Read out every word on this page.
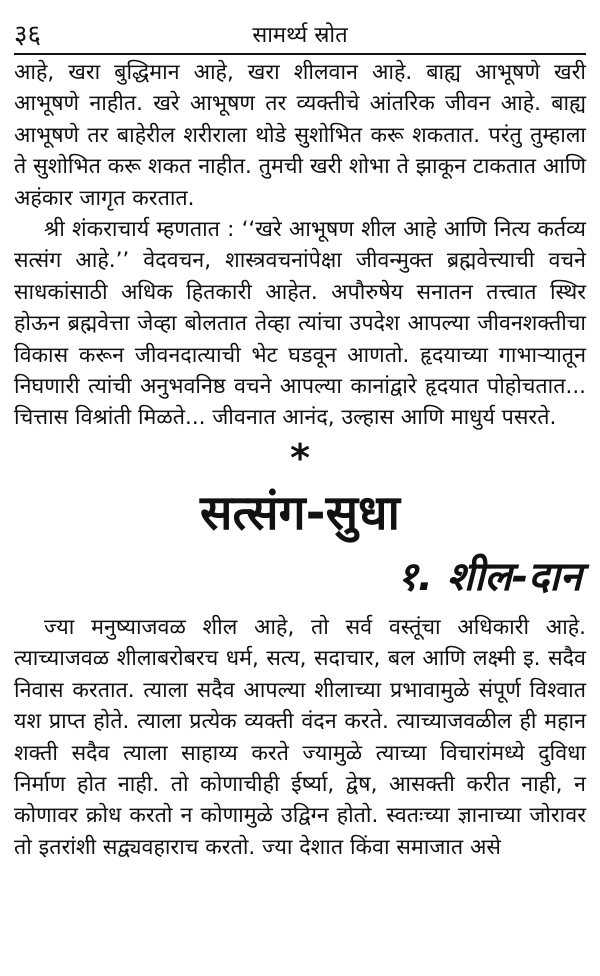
३६	सामर्थ्य स्रोत

आहे, खरा बुद्धिमान आहे, खरा शीलवान आहे. बाह्य आभूषणे खरी आभूषणे नाहीत. खरे आभूषण तर व्यक्तीचे आंतरिक जीवन आहे. बाह्य आभूषणे तर बाहेरील शरीराला थोडे सुशोभित करू शकतात. परंतु तुम्हाला ते सुशोभित करू शकत नाहीत. तुमची खरी शोभा ते झाकून टाकतात आणि अहंकार जागृत करतात.

श्री शंकराचार्य म्हणतात : ‘‘खरे आभूषण शील आहे आणि नित्य कर्तव्य सत्संग आहे.’’ वेदवचन, शास्त्रवचनांपेक्षा जीवन्मुक्त ब्रह्मवेत्त्याची वचने साधकांसाठी अधिक हितकारी आहेत. अपौरुषेय सनातन तत्त्वात स्थिर होऊन ब्रह्मवेत्ता जेव्हा बोलतात तेव्हा त्यांचा उपदेश आपल्या जीवनशक्तीचा विकास करून जीवनदात्याची भेट घडवून आणतो. हृदयाच्या गाभाऱ्यातून निघणारी त्यांची अनुभवनिष्ठ वचने आपल्या कानांद्वारे हृदयात पोहोचतात... चित्तास विश्रांती मिळते... जीवनात आनंद, उल्हास आणि माधुर्य पसरते.

*
सत्संग-सुधा
१. शील-दान

ज्या मनुष्याजवळ शील आहे, तो सर्व वस्तूंचा अधिकारी आहे. त्याच्याजवळ शीलाबरोबरच धर्म, सत्य, सदाचार, बल आणि लक्ष्मी इ. सदैव निवास करतात. त्याला सदैव आपल्या शीलाच्या प्रभावामुळे संपूर्ण विश्वात यश प्राप्त होते. त्याला प्रत्येक व्यक्ती वंदन करते. त्याच्याजवळील ही महान शक्ती सदैव त्याला साहाय्य करते ज्यामुळे त्याच्या विचारांमध्ये दुविधा निर्माण होत नाही. तो कोणाचीही ईर्ष्या, द्वेष, आसक्ती करीत नाही, न कोणावर क्रोध करतो न कोणामुळे उद्विग्न होतो. स्वतःच्या ज्ञानाच्या जोरावर तो इतरांशी सद्व्यवहाराच करतो. ज्या देशात किंवा समाजात असे
